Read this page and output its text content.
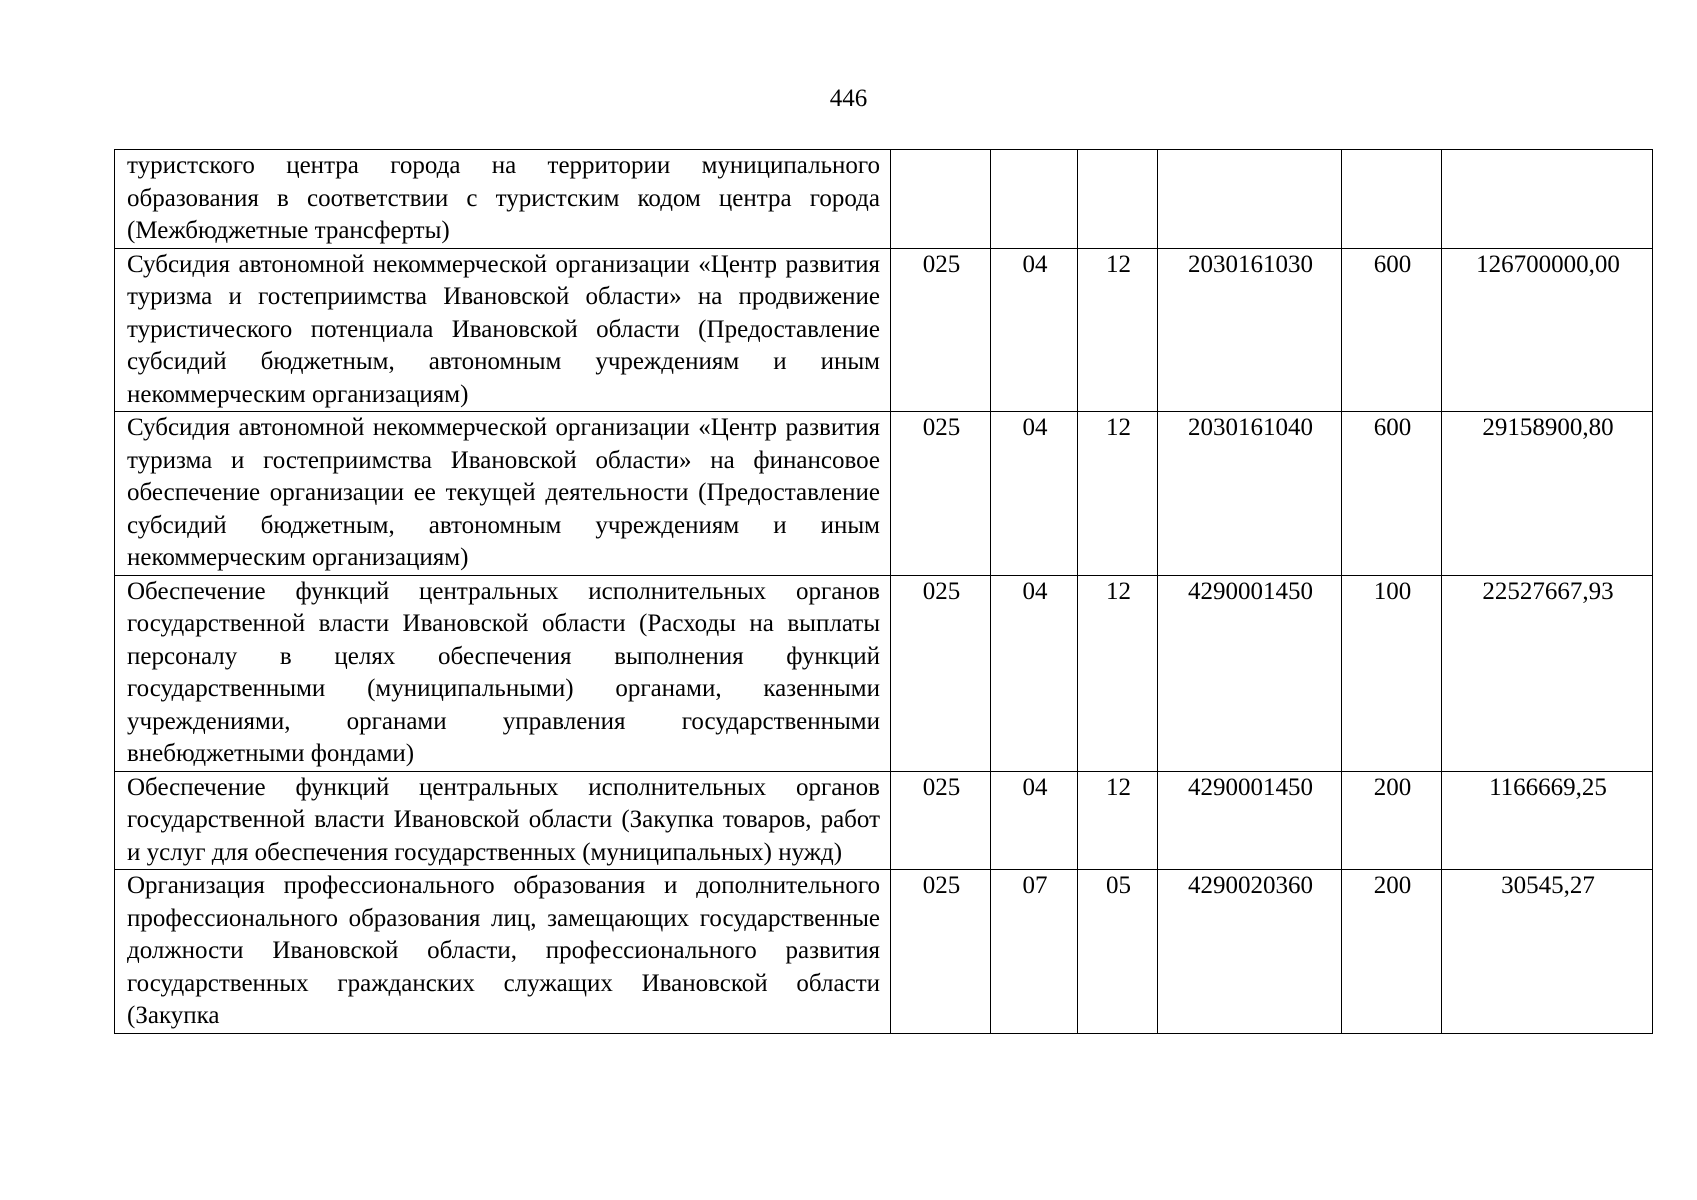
446
туристского центра города на территории муниципального образования в соответствии с туристским кодом центра города (Межбюджетные трансферты)						
Субсидия автономной некоммерческой организации «Центр развития туризма и гостеприимства Ивановской области» на продвижение туристического потенциала Ивановской области (Предоставление субсидий бюджетным, автономным учреждениям и иным некоммерческим организациям)	025	04	12	2030161030	600	126700000,00
Субсидия автономной некоммерческой организации «Центр развития туризма и гостеприимства Ивановской области» на финансовое обеспечение организации ее текущей деятельности (Предоставление субсидий бюджетным, автономным учреждениям и иным некоммерческим организациям)	025	04	12	2030161040	600	29158900,80
Обеспечение функций центральных исполнительных органов государственной власти Ивановской области (Расходы на выплаты персоналу в целях обеспечения выполнения функций государственными (муниципальными) органами, казенными учреждениями, органами управления государственными внебюджетными фондами)	025	04	12	4290001450	100	22527667,93
Обеспечение функций центральных исполнительных органов государственной власти Ивановской области (Закупка товаров, работ и услуг для обеспечения государственных (муниципальных) нужд)	025	04	12	4290001450	200	1166669,25
Организация профессионального образования и дополнительного профессионального образования лиц, замещающих государственные должности Ивановской области, профессионального развития государственных гражданских служащих Ивановской области (Закупка	025	07	05	4290020360	200	30545,27
